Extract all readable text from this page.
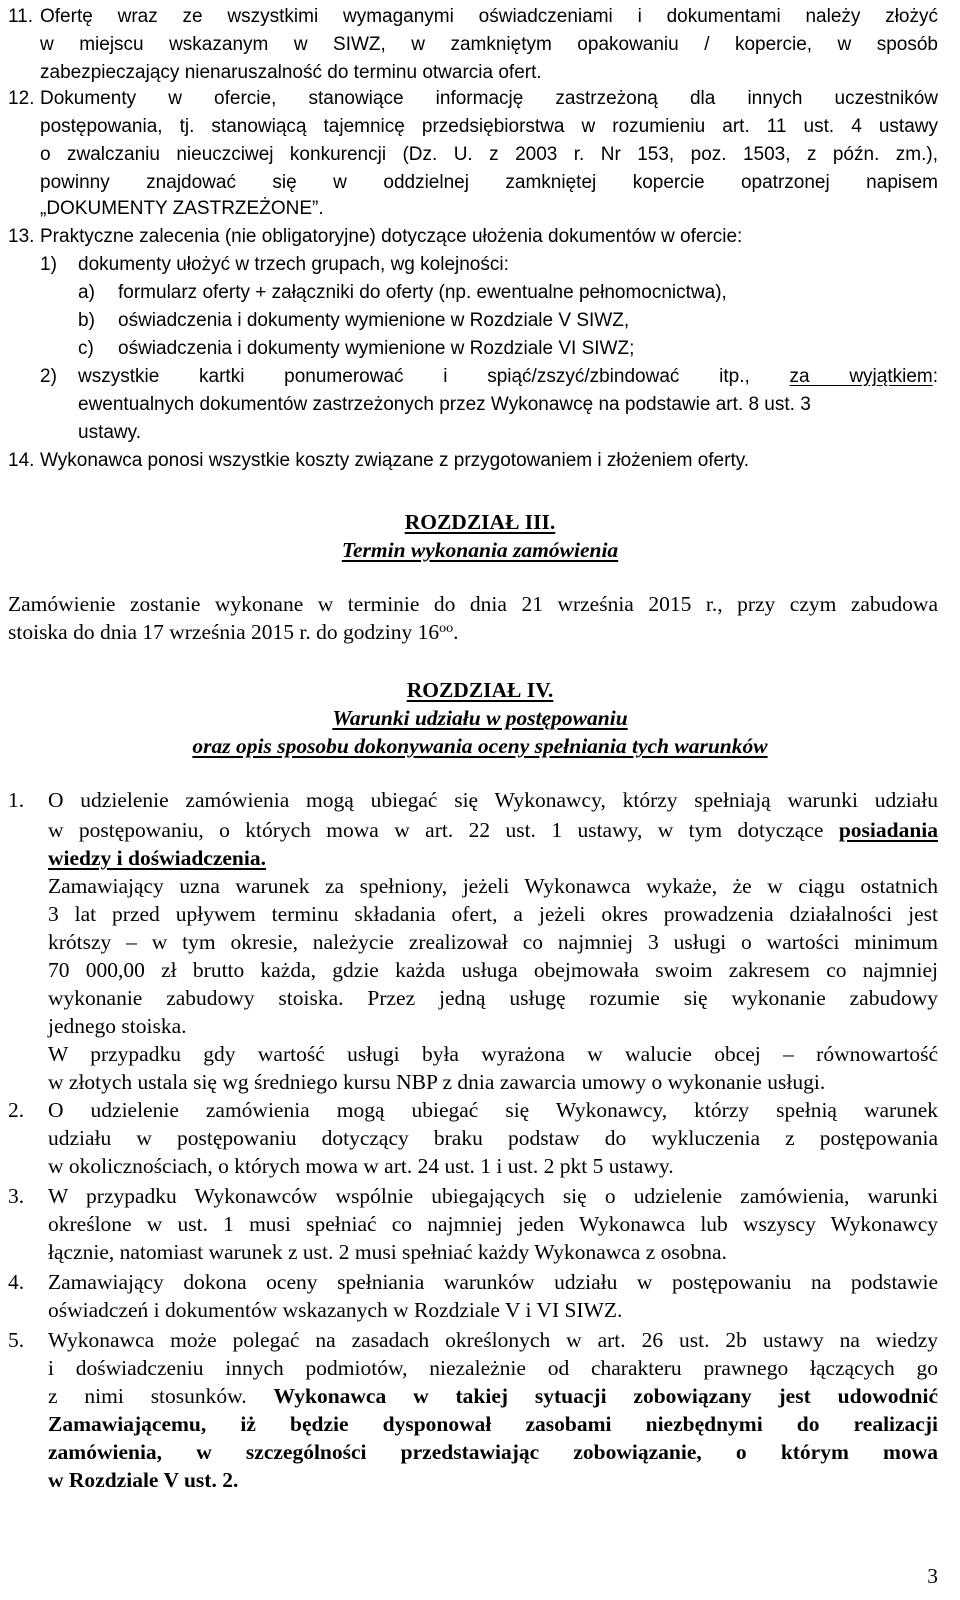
11. Ofertę wraz ze wszystkimi wymaganymi oświadczeniami i dokumentami należy złożyć
w miejscu wskazanym w SIWZ, w zamkniętym opakowaniu / kopercie, w sposób
zabezpieczający nienaruszalność do terminu otwarcia ofert.
12. Dokumenty w ofercie, stanowiące informację zastrzeżoną dla innych uczestników
postępowania, tj. stanowiącą tajemnicę przedsiębiorstwa w rozumieniu art. 11 ust. 4 ustawy
o zwalczaniu nieuczciwej konkurencji (Dz. U. z 2003 r. Nr 153, poz. 1503, z późn. zm.),
powinny znajdować się w oddzielnej zamkniętej kopercie opatrzonej napisem
„DOKUMENTY ZASTRZEŻONE”.
13. Praktyczne zalecenia (nie obligatoryjne) dotyczące ułożenia dokumentów w ofercie:
1) dokumenty ułożyć w trzech grupach, wg kolejności:
a) formularz oferty + załączniki do oferty (np. ewentualne pełnomocnictwa),
b) oświadczenia i dokumenty wymienione w Rozdziale V SIWZ,
c) oświadczenia i dokumenty wymienione w Rozdziale VI SIWZ;
2) wszystkie kartki ponumerować i spiąć/zszyć/zbindować itp., za wyjątkiem:
ewentualnych dokumentów zastrzeżonych przez Wykonawcę na podstawie art. 8 ust. 3
ustawy.
14. Wykonawca ponosi wszystkie koszty związane z przygotowaniem i złożeniem oferty.
ROZDZIAŁ III.
Termin wykonania zamówienia
Zamówienie zostanie wykonane w terminie do dnia 21 września 2015 r., przy czym zabudowa
stoiska do dnia 17 września 2015 r. do godziny $16^{oo}$.
ROZDZIAŁ IV.
Warunki udziału w postępowaniu
oraz opis sposobu dokonywania oceny spełniania tych warunków
1. O udzielenie zamówienia mogą ubiegać się Wykonawcy, którzy spełniają warunki udziału
w postępowaniu, o których mowa w art. 22 ust. 1 ustawy, w tym dotyczące posiadania
wiedzy i doświadczenia.
Zamawiający uzna warunek za spełniony, jeżeli Wykonawca wykaże, że w ciągu ostatnich
3 lat przed upływem terminu składania ofert, a jeżeli okres prowadzenia działalności jest
krótszy – w tym okresie, należycie zrealizował co najmniej 3 usługi o wartości minimum
70 000,00 zł brutto każda, gdzie każda usługa obejmowała swoim zakresem co najmniej
wykonanie zabudowy stoiska. Przez jedną usługę rozumie się wykonanie zabudowy
jednego stoiska.
W przypadku gdy wartość usługi była wyrażona w walucie obcej – równowartość
w złotych ustala się wg średniego kursu NBP z dnia zawarcia umowy o wykonanie usługi.
2. O udzielenie zamówienia mogą ubiegać się Wykonawcy, którzy spełnią warunek
udziału w postępowaniu dotyczący braku podstaw do wykluczenia z postępowania
w okolicznościach, o których mowa w art. 24 ust. 1 i ust. 2 pkt 5 ustawy.
3. W przypadku Wykonawców wspólnie ubiegających się o udzielenie zamówienia, warunki
określone w ust. 1 musi spełniać co najmniej jeden Wykonawca lub wszyscy Wykonawcy
łącznie, natomiast warunek z ust. 2 musi spełniać każdy Wykonawca z osobna.
4. Zamawiający dokona oceny spełniania warunków udziału w postępowaniu na podstawie
oświadczeń i dokumentów wskazanych w Rozdziale V i VI SIWZ.
5. Wykonawca może polegać na zasadach określonych w art. 26 ust. 2b ustawy na wiedzy
i doświadczeniu innych podmiotów, niezależnie od charakteru prawnego łączących go
z nimi stosunków. Wykonawca w takiej sytuacji zobowiązany jest udowodnić
Zamawiającemu, iż będzie dysponował zasobami niezbędnymi do realizacji
zamówienia, w szczególności przedstawiając zobowiązanie, o którym mowa
w Rozdziale V ust. 2.
3
